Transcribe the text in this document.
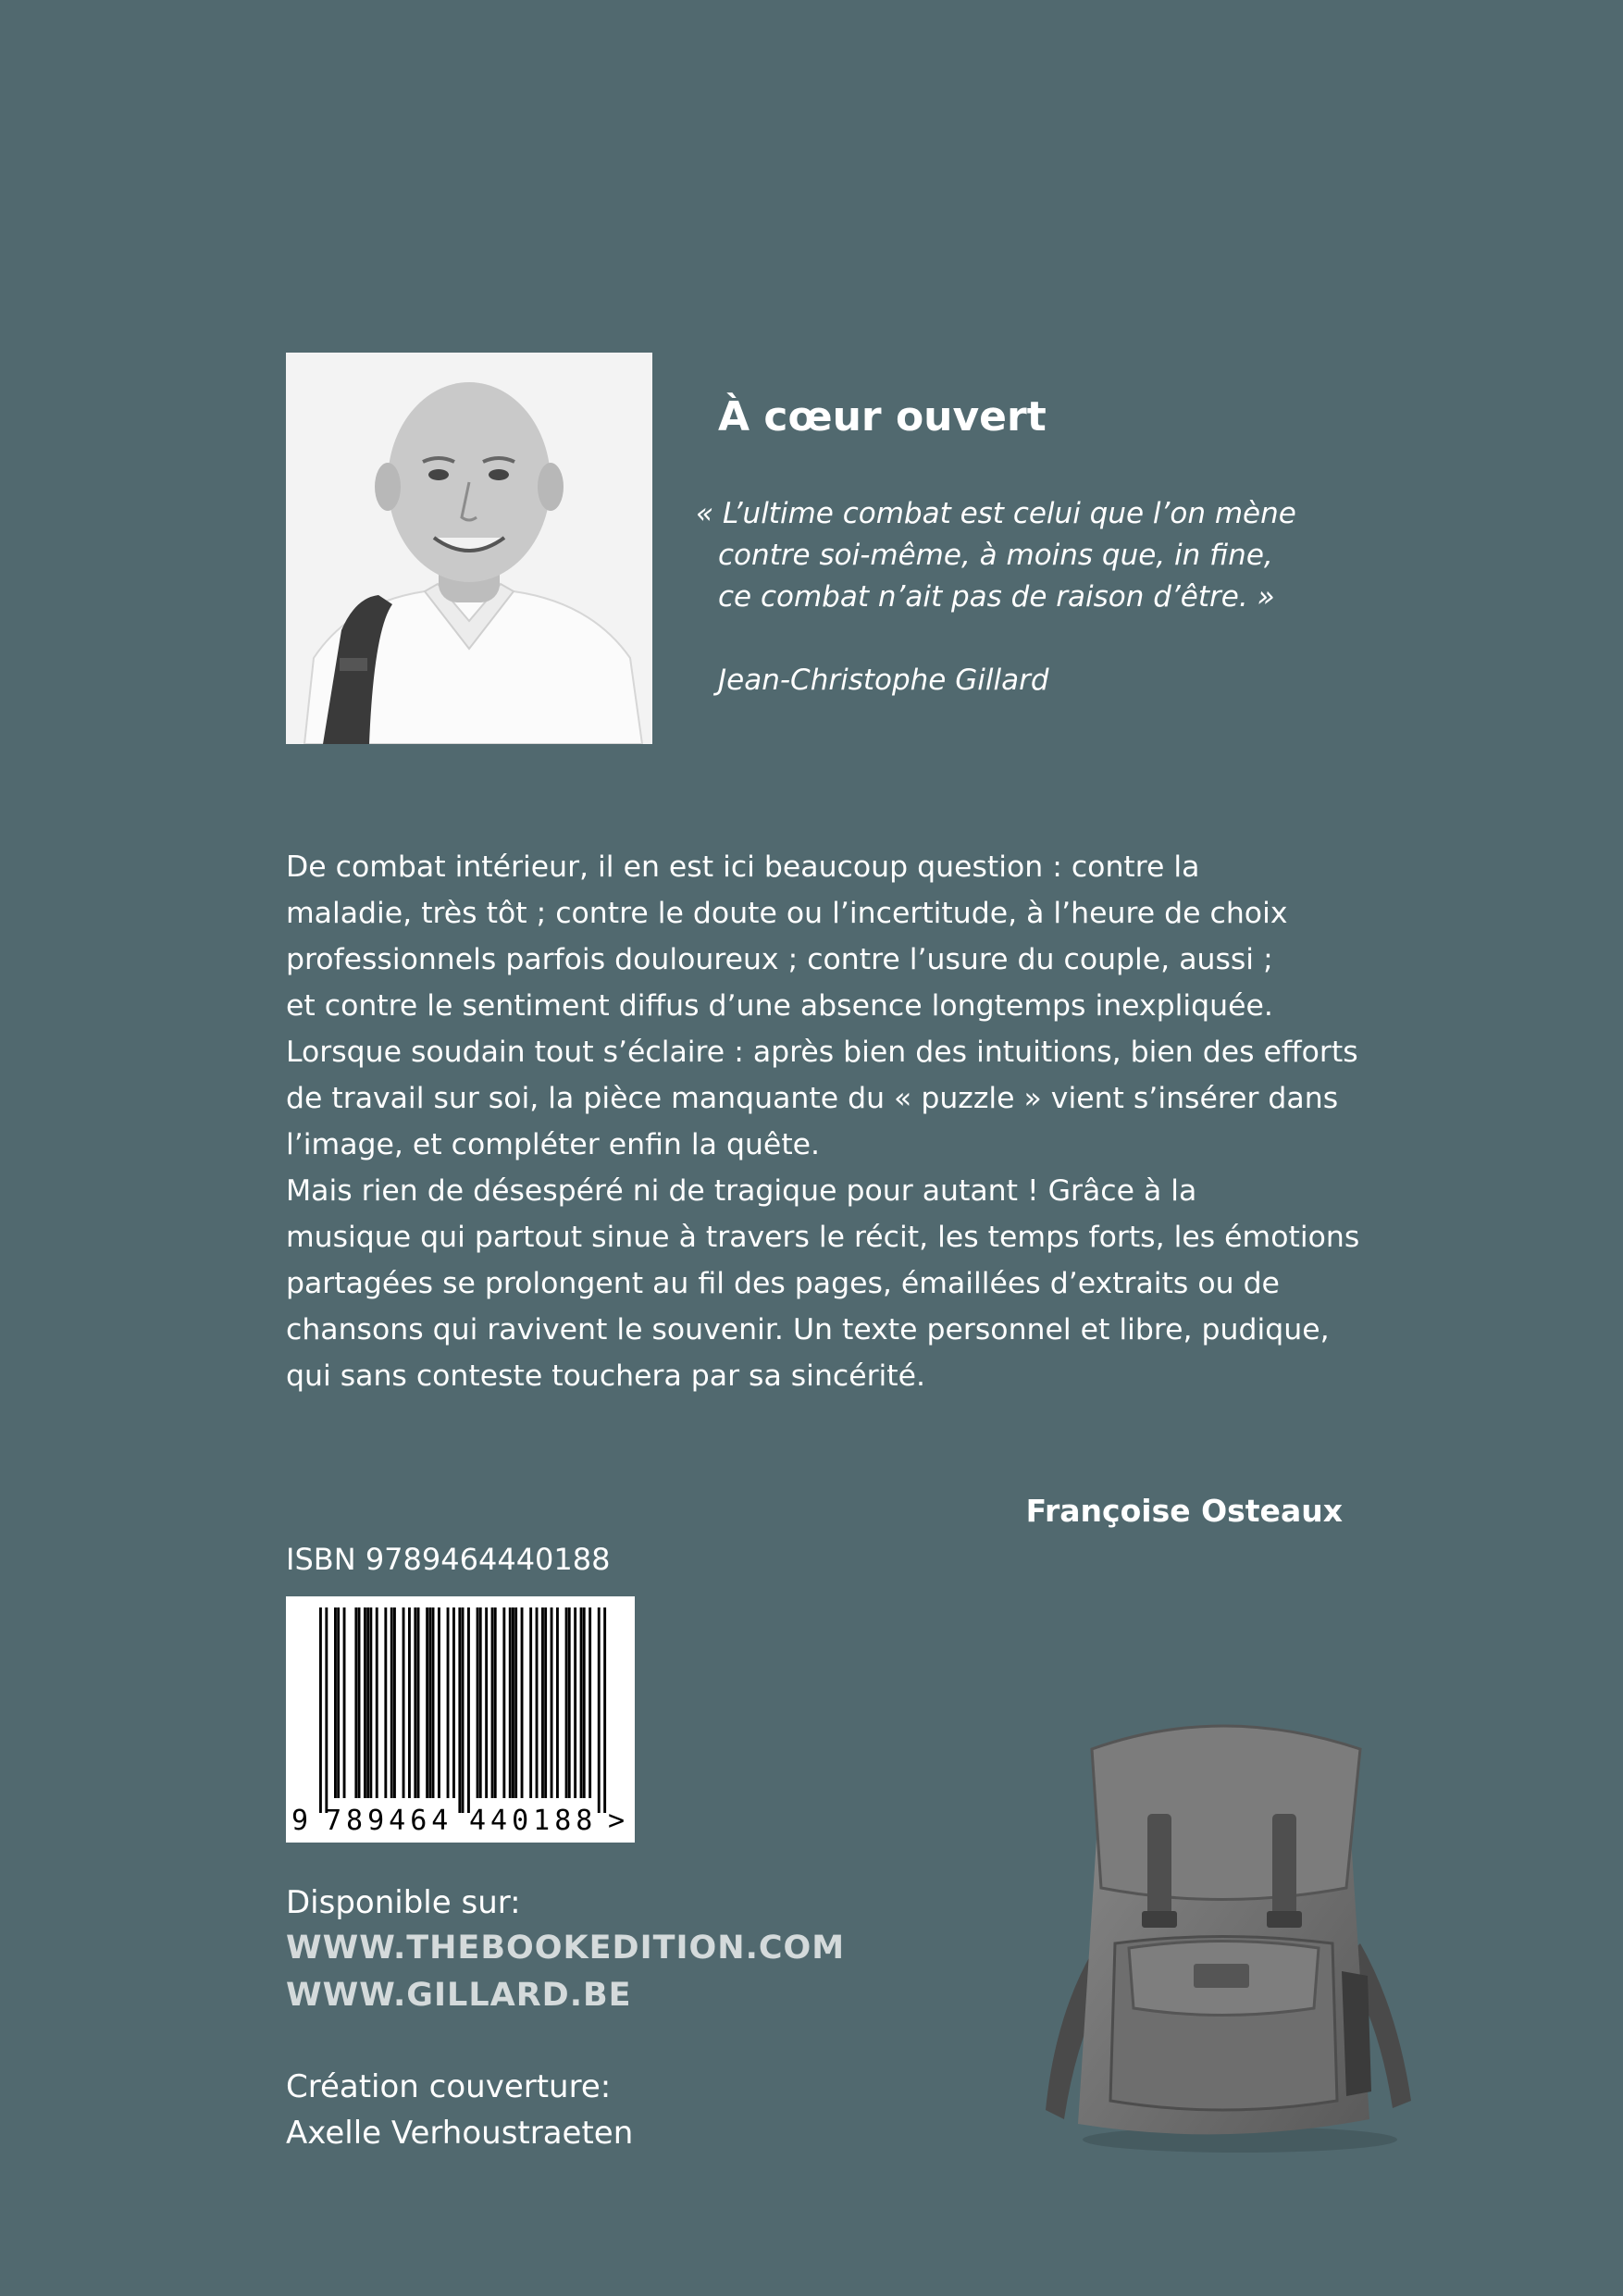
À cœur ouvert
« L’ultime combat est celui que l’on mène
contre soi-même, à moins que, in fine,
ce combat n’ait pas de raison d’être. »
Jean-Christophe Gillard
De combat intérieur, il en est ici beaucoup question : contre la
maladie, très tôt ; contre le doute ou l’incertitude, à l’heure de choix
professionnels parfois douloureux ; contre l’usure du couple, aussi ;
et contre le sentiment diffus d’une absence longtemps inexpliquée.
Lorsque soudain tout s’éclaire : après bien des intuitions, bien des efforts
de travail sur soi, la pièce manquante du « puzzle » vient s’insérer dans
l’image, et compléter enfin la quête.
Mais rien de désespéré ni de tragique pour autant ! Grâce à la
musique qui partout sinue à travers le récit, les temps forts, les émotions
partagées se prolongent au fil des pages, émaillées d’extraits ou de
chansons qui ravivent le souvenir. Un texte personnel et libre, pudique,
qui sans conteste touchera par sa sincérité.
Françoise Osteaux
ISBN 9789464440188
9 789464 440188 >
Disponible sur:
WWW.THEBOOKEDITION.COM
WWW.GILLARD.BE
Création couverture:
Axelle Verhoustraeten
